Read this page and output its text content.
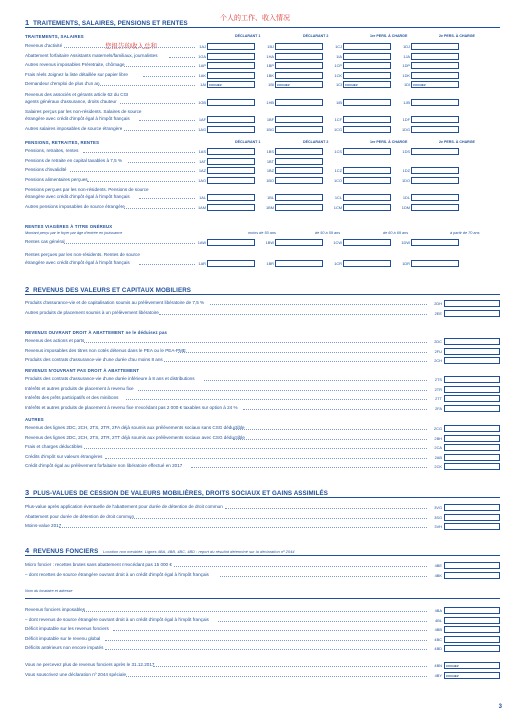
个人的工作、收入情况
1 TRAITEMENTS, SALAIRES, PENSIONS ET RENTES
TRAITEMENTS, SALAIRES	DÉCLARANT 1	DÉCLARANT 2	1re PERS. À CHARGE	2e PERS. À CHARGE
您报告的收入总和
Revenus d'activité	1AJ	1BJ	1CJ	1DJ
Abattement forfaitaire Assistants maternels/familiaux, journalistes	1GA	1HA	1IA	1JA
Autres revenus imposables Préretraite, chômage	1AP	1BP	1CP	1DP
Frais réels Joignez la liste détaillée sur papier libre	1AK	1BK	1CK	1DK
Demandeur d'emploi de plus d'un an	1AI COCHEZ	1BI COCHEZ	1CI COCHEZ	1DI COCHEZ
Revenus des associés et gérants article 62 du CGI
agents généraux d'assurance, droits d'auteur	1GB	1HB	1IB	1JB
Salaires perçus par les non-résidents. Salaires de source
étrangère avec crédit d'impôt égal à l'impôt français	1AF	1BF	1CF	1DF
Autres salaires imposables de source étrangère	1AG	1BG	1CG	1DG
PENSIONS, RETRAITES, RENTES	DÉCLARANT 1	DÉCLARANT 2	1re PERS. À CHARGE	2e PERS. À CHARGE
Pensions, retraites, rentes	1AS	1BS	1CS	1DS
Pensions de retraite en capital taxables à 7,5 %	1AT	1BT
Pensions d'invalidité	1AZ	1BZ	1CZ	1DZ
Pensions alimentaires perçues	1AO	1BO	1CO	1DO
Pensions perçues par les non-résidents. Pensions de source
étrangère avec crédit d'impôt égal à l'impôt français	1AL	1BL	1CL	1DL
Autres pensions imposables de source étrangère	1AM	1BM	1CM	1DM
RENTES VIAGÈRES À TITRE ONÉREUX
Montant perçu par le foyer par âge d'entrée en jouissance	moins de 50 ans	de 50 à 59 ans	de 60 à 69 ans	à partir de 70 ans
Rentes cas général	1AW	1BW	1CW	1DW
Rentes perçues par les non-résidents. Rentes de source
étrangère avec crédit d'impôt égal à l'impôt français	1AR	1BR	1CR	1DR
2 REVENUS DES VALEURS ET CAPITAUX MOBILIERS
Produits d'assurance-vie et de capitalisation soumis au prélèvement libératoire de 7,5 %	2DH
Autres produits de placement soumis à un prélèvement libératoire	2EE
REVENUS OUVRANT DROIT À ABATTEMENT ne le déduisez pas
Revenus des actions et parts	2DC
Revenus imposables des titres non cotés détenus dans le PEA ou le PEA-PME	2FU
Produits des contrats d'assurance-vie d'une durée d'au moins 8 ans	2CH
REVENUS N'OUVRANT PAS DROIT À ABATTEMENT
Produits des contrats d'assurance-vie d'une durée inférieure à 8 ans et distributions	2TS
Intérêts et autres produits de placement à revenu fixe	2TR
Intérêts des prêts participatifs et des minibons	2TT
Intérêts et autres produits de placement à revenu fixe n'excédant pas 2 000 € taxables sur option à 24 %	2FA
AUTRES
Revenus des lignes 2DC, 2CH, 2TS, 2TR, 2FA déjà soumis aux prélèvements sociaux sans CSG déductible	2CG
Revenus des lignes 2DC, 2CH, 2TS, 2TR, 2TT déjà soumis aux prélèvements sociaux avec CSG déductible	2BH
Frais et charges déductibles	2CA
Crédits d'impôt sur valeurs étrangères	2AB
Crédit d'impôt égal au prélèvement forfaitaire non libératoire effectué en 2017	2CK
3 PLUS-VALUES DE CESSION DE VALEURS MOBILIÈRES, DROITS SOCIAUX ET GAINS ASSIMILÉS
Plus-value après application éventuelle de l'abattement pour durée de détention de droit commun	3VG
Abattement pour durée de détention de droit commun	3SG
Moins-value 2017	3VH
4 REVENUS FONCIERS Location non meublée. Lignes 4BA, 4BB, 4BC, 4BD : report du résultat déterminé sur la déclaration nº 2044
Micro foncier : recettes brutes sans abattement n'excédant pas 15 000 €	4BE
– dont recettes de source étrangère ouvrant droit à un crédit d'impôt égal à l'impôt français	4BK
Nom du locataire et adresse
Revenus fonciers imposables	4BA
– dont revenus de source étrangère ouvrant droit à un crédit d'impôt égal à l'impôt français	4BL
Déficit imputable sur les revenus fonciers	4BB
Déficit imputable sur le revenu global	4BC
Déficits antérieurs non encore imputés	4BD
Vous ne percevez plus de revenus fonciers après le 31.12.2017	4BN COCHEZ
Vous souscrivez une déclaration nº 2044 spéciale	4BY COCHEZ
3
